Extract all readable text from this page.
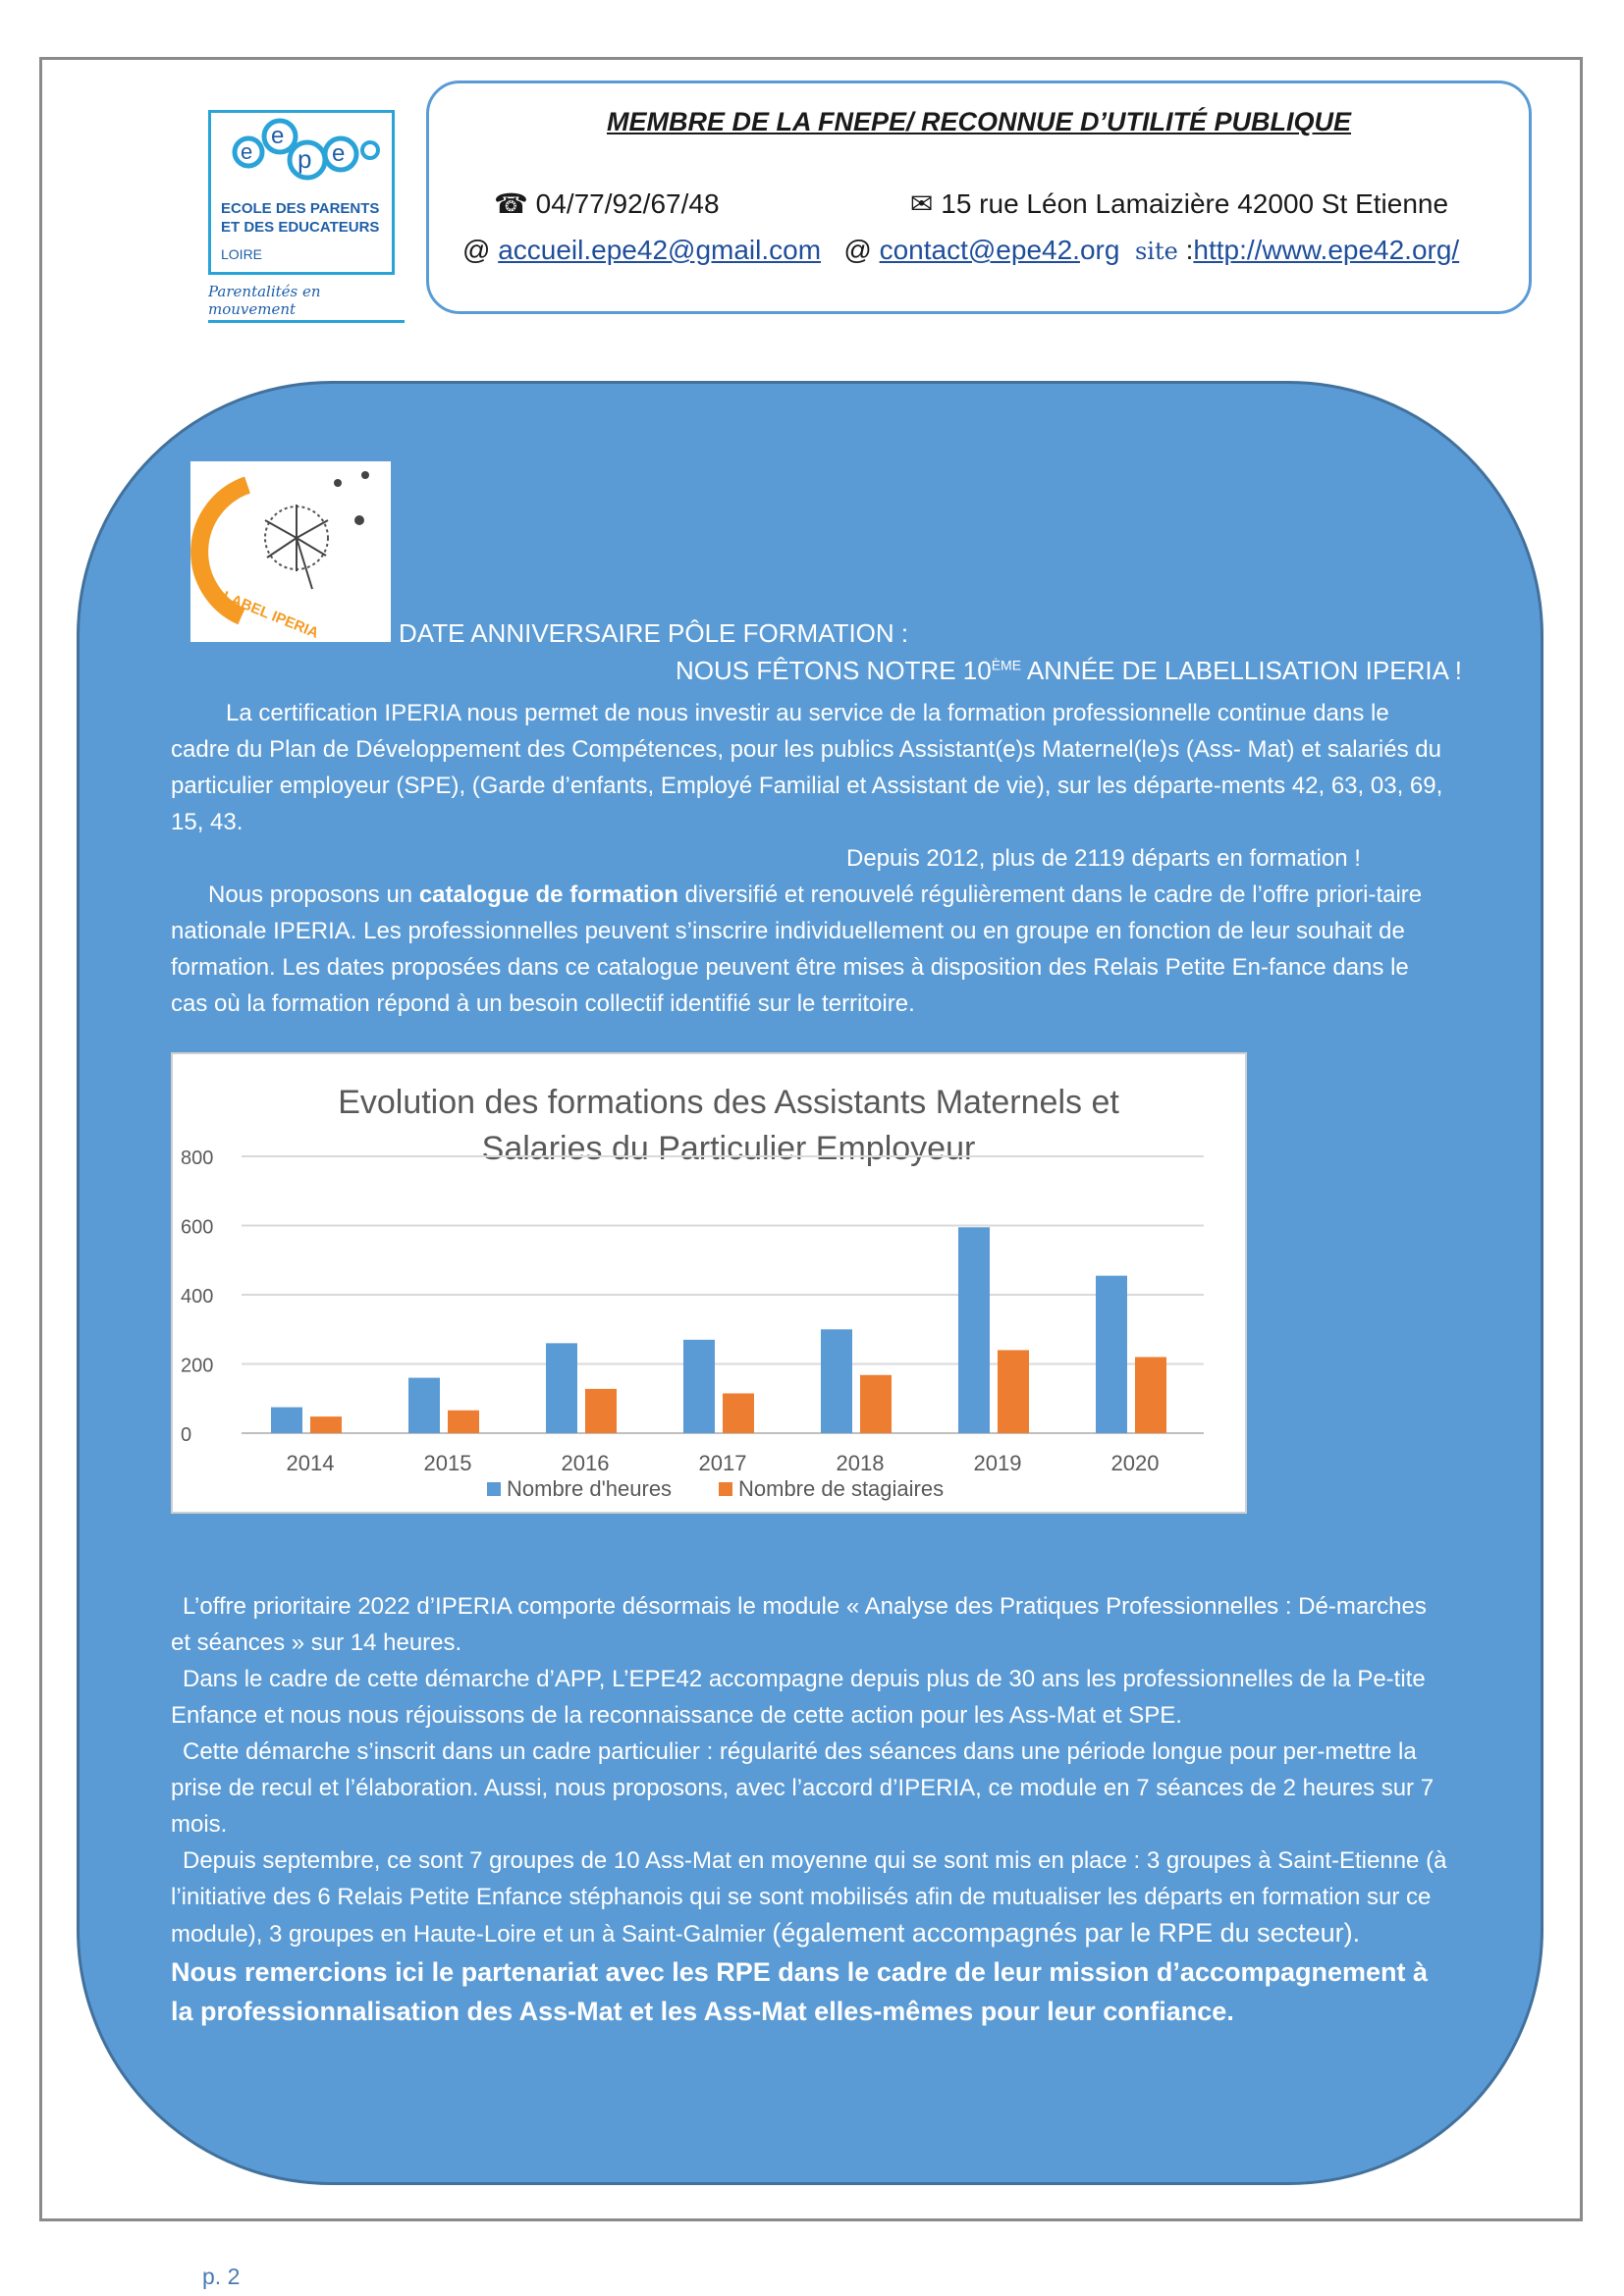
e
e
p e
ECOLE DES PARENTS
ET DES EDUCATEURS
LOIRE
Parentalités en mouvement
MEMBRE DE LA FNEPE/ RECONNUE D’UTILITÉ PUBLIQUE
☎ 04/77/92/67/48	✉ 15 rue Léon Lamaizière 42000 St Etienne
@ accueil.epe42@gmail.com @ contact@epe42.org site :http://www.epe42.org/
LABEL IPERIA	DATE ANNIVERSAIRE PÔLE FORMATION :
NOUS FÊTONS NOTRE 10ÈME ANNÉE DE LABELLISATION IPERIA !
La certification IPERIA nous permet de nous investir au service de la formation professionnelle continue dans le cadre du Plan de Développement des Compétences, pour les publics Assistant(e)s Maternel(le)s (Ass- Mat) et salariés du particulier employeur (SPE), (Garde d’enfants, Employé Familial et Assistant de vie), sur les départe-ments 42, 63, 03, 69, 15, 43.
Depuis 2012, plus de 2119 départs en formation !
Nous proposons un catalogue de formation diversifié et renouvelé régulièrement dans le cadre de l’offre priori-taire nationale IPERIA. Les professionnelles peuvent s’inscrire individuellement ou en groupe en fonction de leur souhait de formation. Les dates proposées dans ce catalogue peuvent être mises à disposition des Relais Petite En-fance dans le cas où la formation répond à un besoin collectif identifié sur le territoire.
Evolution des formations des Assistants Maternels et
Salaries du Particulier Employeur
0
200
400
600
800
2014	2015	2016	2017	2018	2019	2020
Nombre d'heures	Nombre de stagiaires
L’offre prioritaire 2022 d’IPERIA comporte désormais le module « Analyse des Pratiques Professionnelles : Dé-marches et séances » sur 14 heures.
Dans le cadre de cette démarche d’APP, L’EPE42 accompagne depuis plus de 30 ans les professionnelles de la Pe-tite Enfance et nous nous réjouissons de la reconnaissance de cette action pour les Ass-Mat et SPE.
Cette démarche s’inscrit dans un cadre particulier : régularité des séances dans une période longue pour per-mettre la prise de recul et l’élaboration. Aussi, nous proposons, avec l’accord d’IPERIA, ce module en 7 séances de 2 heures sur 7 mois.
Depuis septembre, ce sont 7 groupes de 10 Ass-Mat en moyenne qui se sont mis en place : 3 groupes à Saint-Etienne (à l’initiative des 6 Relais Petite Enfance stéphanois qui se sont mobilisés afin de mutualiser les départs en formation sur ce module), 3 groupes en Haute-Loire et un à Saint-Galmier (également accompagnés par le RPE du secteur).
Nous remercions ici le partenariat avec les RPE dans le cadre de leur mission d’accompagnement à la professionnalisation des Ass-Mat et les Ass-Mat elles-mêmes pour leur confiance.
p. 2
